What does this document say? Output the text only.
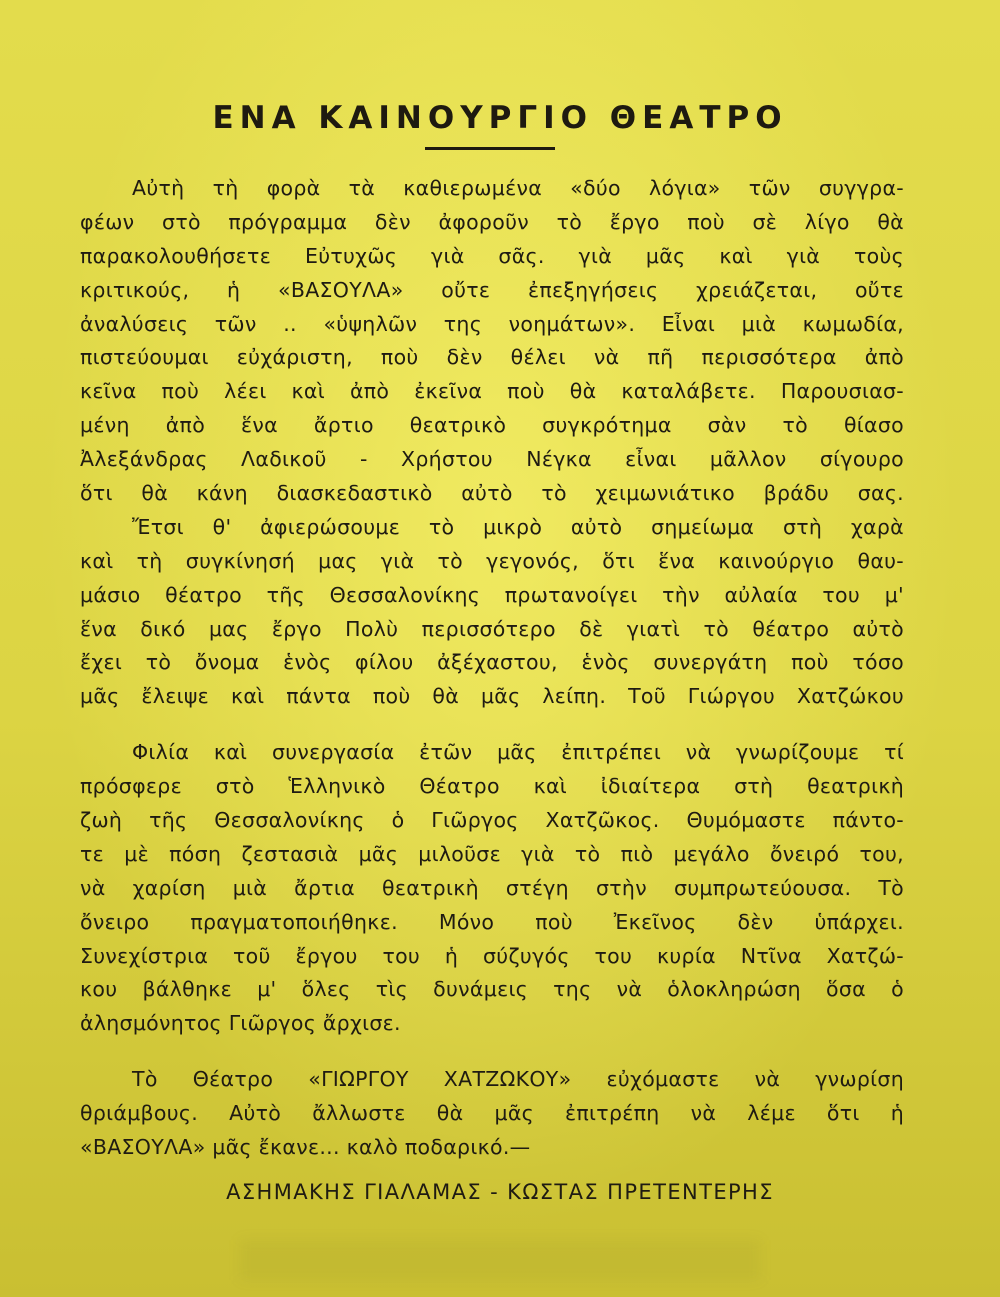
ΕΝΑ ΚΑΙΝΟΥΡΓΙΟ ΘΕΑΤΡΟ
Αὐτὴ τὴ φορὰ τὰ καθιερωμένα «δύο λόγια» τῶν συγγρα-
φέων στὸ πρόγραμμα δὲν ἀφοροῦν τὸ ἔργο ποὺ σὲ λίγο θὰ
παρακολουθήσετε Εὐτυχῶς γιὰ σᾶς. γιὰ μᾶς καὶ γιὰ τοὺς
κριτικούς, ἡ «ΒΑΣΟΥΛΑ» οὔτε ἐπεξηγήσεις χρειάζεται, οὔτε
ἀναλύσεις τῶν .. «ὑψηλῶν της νοημάτων». Εἶναι μιὰ κωμωδία,
πιστεύουμαι εὐχάριστη, ποὺ δὲν θέλει νὰ πῆ περισσότερα ἀπὸ
κεῖνα ποὺ λέει καὶ ἀπὸ ἐκεῖνα ποὺ θὰ καταλάβετε. Παρουσιασ-
μένη ἀπὸ ἕνα ἄρτιο θεατρικὸ συγκρότημα σὰν τὸ θίασο
Ἀλεξάνδρας Λαδικοῦ - Χρήστου Νέγκα εἶναι μᾶλλον σίγουρο
ὅτι θὰ κάνη διασκεδαστικὸ αὐτὸ τὸ χειμωνιάτικο βράδυ σας.
Ἔτσι θ' ἀφιερώσουμε τὸ μικρὸ αὐτὸ σημείωμα στὴ χαρὰ
καὶ τὴ συγκίνησή μας γιὰ τὸ γεγονός, ὅτι ἕνα καινούργιο θαυ-
μάσιο θέατρο τῆς Θεσσαλονίκης πρωτανοίγει τὴν αὐλαία του μ'
ἕνα δικό μας ἔργο Πολὺ περισσότερο δὲ γιατὶ τὸ θέατρο αὐτὸ
ἔχει τὸ ὄνομα ἑνὸς φίλου ἀξέχαστου, ἑνὸς συνεργάτη ποὺ τόσο
μᾶς ἔλειψε καὶ πάντα ποὺ θὰ μᾶς λείπη. Τοῦ Γιώργου Χατζώκου
Φιλία καὶ συνεργασία ἐτῶν μᾶς ἐπιτρέπει νὰ γνωρίζουμε τί
πρόσφερε στὸ Ἑλληνικὸ Θέατρο καὶ ἰδιαίτερα στὴ θεατρικὴ
ζωὴ τῆς Θεσσαλονίκης ὁ Γιῶργος Χατζῶκος. Θυμόμαστε πάντο-
τε μὲ πόση ζεστασιὰ μᾶς μιλοῦσε γιὰ τὸ πιὸ μεγάλο ὄνειρό του,
νὰ χαρίση μιὰ ἄρτια θεατρικὴ στέγη στὴν συμπρωτεύουσα. Τὸ
ὄνειρο πραγματοποιήθηκε. Μόνο ποὺ Ἐκεῖνος δὲν ὑπάρχει.
Συνεχίστρια τοῦ ἔργου του ἡ σύζυγός του κυρία Ντῖνα Χατζώ-
κου βάλθηκε μ' ὅλες τὶς δυνάμεις της νὰ ὁλοκληρώση ὅσα ὁ
ἀλησμόνητος Γιῶργος ἄρχισε.
Τὸ Θέατρο «ΓΙΩΡΓΟΥ ΧΑΤΖΩΚΟΥ» εὐχόμαστε νὰ γνωρίση
θριάμβους. Αὐτὸ ἄλλωστε θὰ μᾶς ἐπιτρέπη νὰ λέμε ὅτι ἡ
«ΒΑΣΟΥΛΑ» μᾶς ἔκανε... καλὸ ποδαρικό.—
ΑΣΗΜΑΚΗΣ ΓΙΑΛΑΜΑΣ - ΚΩΣΤΑΣ ΠΡΕΤΕΝΤΕΡΗΣ
